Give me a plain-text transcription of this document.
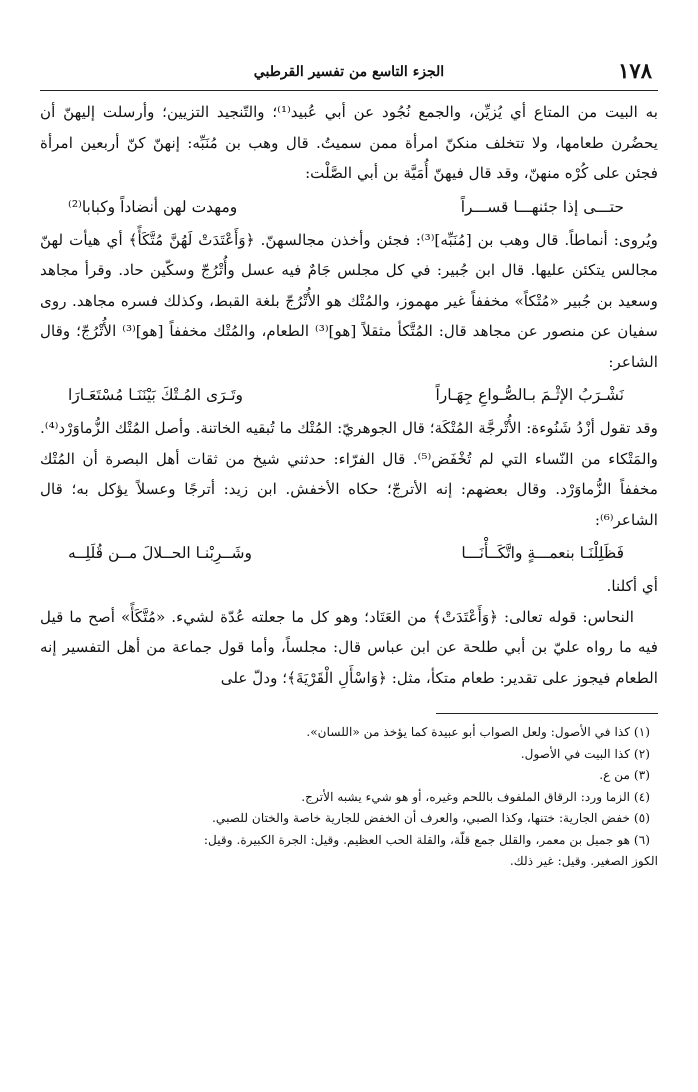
١٧٨
الجزء التاسع من تفسير القرطبي

به البيت من المتاع أي يُزيِّن، والجمع نُجُود عن أبي عُبيد⁽¹⁾؛ والتّنجيد التزيين؛ وأرسلت إليهنّ أن يحضُرن طعامها، ولا تتخلف منكنّ امرأة ممن سميتُ. قال وهب بن مُنَبِّه: إنهنّ كنّ أربعين امرأة فجئن على كُرْه منهنّ، وقد قال فيهنّ أُمَيَّة بن أبي الصَّلْت:

حتـــى إذا جئنهـــا قســـراً
ومهدت لهن أنضاداً وكبابا⁽²⁾

ويُروى: أنماطاً. قال وهب بن [مُنَبِّه]⁽³⁾: فجئن وأخذن مجالسهنّ. ﴿وَأَعْتَدَتْ لَهُنَّ مُتَّكَأً﴾ أي هيأت لهنّ مجالس يتكئن عليها. قال ابن جُبير: في كل مجلس جَامٌ فيه عسل وأُتْرُجّ وسكّين حاد. وقرأ مجاهد وسعيد بن جُبير «مُتْكاً» مخففاً غير مهموز، والمُتْك هو الأُتْرُجّ بلغة القبط، وكذلك فسره مجاهد. روى سفيان عن منصور عن مجاهد قال: المُتَّكأ مثقلاً [هو]⁽³⁾ الطعام، والمُتْك مخففاً [هو]⁽³⁾ الأُتْرُجّ؛ وقال الشاعر:

نَشْـرَبُ الإثْـمَ بـالصُّـواعِ جِهَـاراً
وتَـرَى المُـتْكَ بَيْنَنَـا مُسْتَعَـارَا

وقد تقول أزْدُ شَنُوءة: الأُتْرجَّة المُتْكَة؛ قال الجوهريّ: المُتْك ما تُبقيه الخاتنة. وأصل المُتْك الزُّماوَرْد⁽⁴⁾. والمَتْكاء من النّساء التي لم تُخْفَض⁽⁵⁾. قال الفرّاء: حدثني شيخ من ثقات أهل البصرة أن المُتْك مخففاً الزُّماوَرْد. وقال بعضهم: إنه الأترجّ؛ حكاه الأخفش. ابن زيد: أترجًا وعسلاً يؤكل به؛ قال الشاعر⁽⁶⁾:

فَظَلِلْنَـا بنعمـــةٍ واتَّكَــأْنَـــا
وشَــرِبْنـا الحــلالَ مــن قُلَلِــه

أي أكلنا.

النحاس: قوله تعالى: ﴿وَأَعْتَدَتْ﴾ من العَتَاد؛ وهو كل ما جعلته عُدّة لشيء. «مُتَّكَأً» أصح ما قيل فيه ما رواه عليّ بن أبي طلحة عن ابن عباس قال: مجلساً، وأما قول جماعة من أهل التفسير إنه الطعام فيجوز على تقدير: طعام متكأ، مثل: ﴿وَاسْأَلِ الْقَرْيَةَ﴾؛ ودلّ على

(١) كذا في الأصول: ولعل الصواب أبو عبيدة كما يؤخذ من «اللسان».

(٢) كذا البيت في الأصول.

(٣) من ع.

(٤) الزما ورد: الرقاق الملفوف باللحم وغيره، أو هو شيء يشبه الأترج.

(٥) خفض الجارية: ختنها، وكذا الصبي، والعرف أن الخفض للجارية خاصة والختان للصبي.

(٦) هو جميل بن معمر، والقلل جمع قلّة، والقلة الحب العظيم. وقيل: الجرة الكبيرة. وقيل:

الكوز الصغير. وقيل: غير ذلك.
